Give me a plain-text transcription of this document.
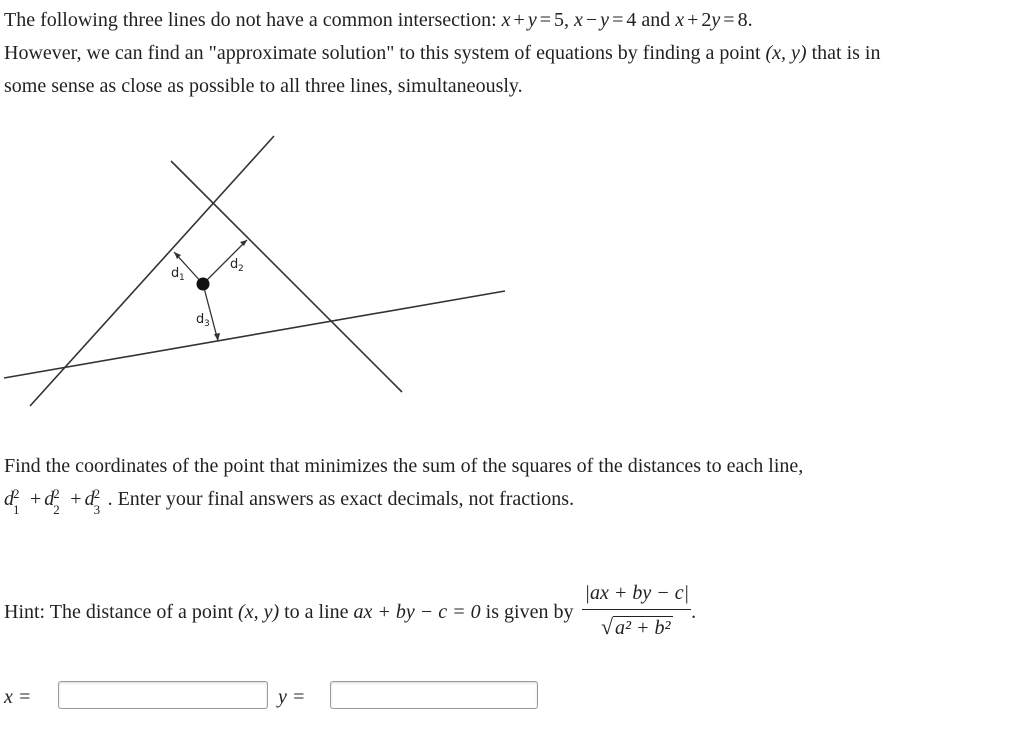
The following three lines do not have a common intersection: x + y = 5, x − y = 4 and x + 2y = 8.
However, we can find an "approximate solution" to this system of equations by finding a point (x, y) that is in
some sense as close as possible to all three lines, simultaneously.
d 1
d 2
d 3
Find the coordinates of the point that minimizes the sum of the squares of the distances to each line,
d 2
1 + d 2
2 + d 2
3 . Enter your final answers as exact decimals, not fractions.
Hint: The distance of a point (x, y) to a line ax + by − c = 0 is given by $\frac{|ax + by - c|}{\text{√ a² + b²}}$ .
x =	y =
